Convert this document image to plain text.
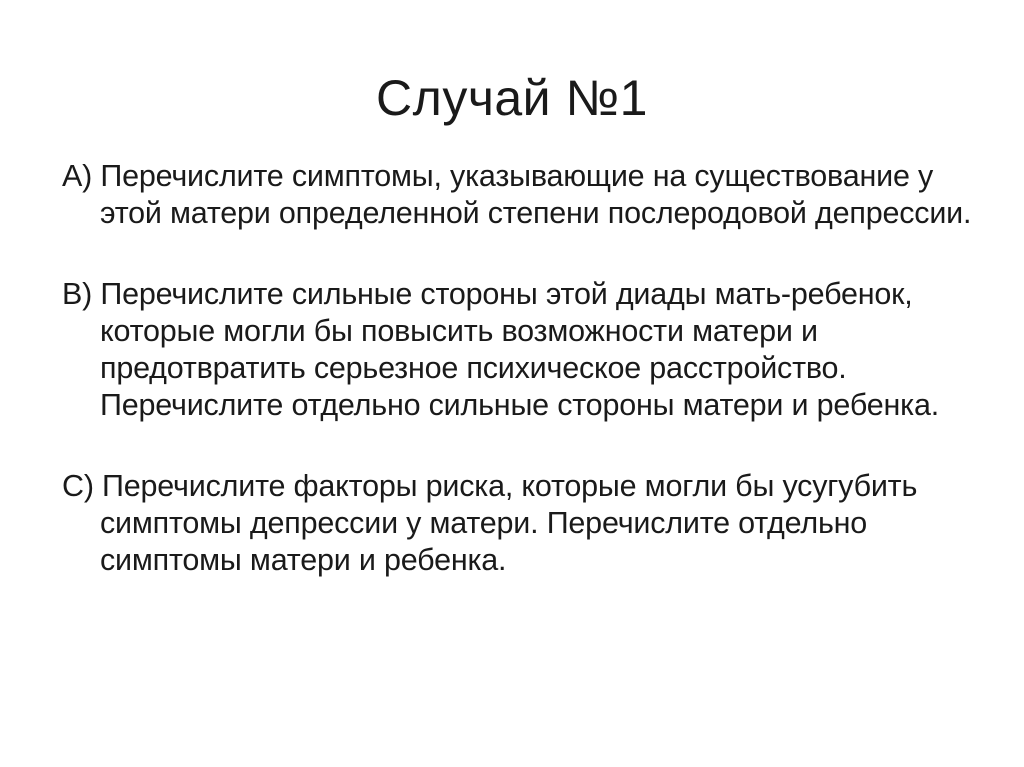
Случай №1
А) Перечислите симптомы, указывающие на существование у этой матери определенной степени послеродовой депрессии.
В) Перечислите сильные стороны этой диады мать-ребенок, которые могли бы повысить возможности матери и предотвратить серьезное психическое расстройство. Перечислите отдельно сильные стороны матери и ребенка.
С) Перечислите факторы риска, которые могли бы усугубить симптомы депрессии у матери. Перечислите отдельно симптомы матери и ребенка.
